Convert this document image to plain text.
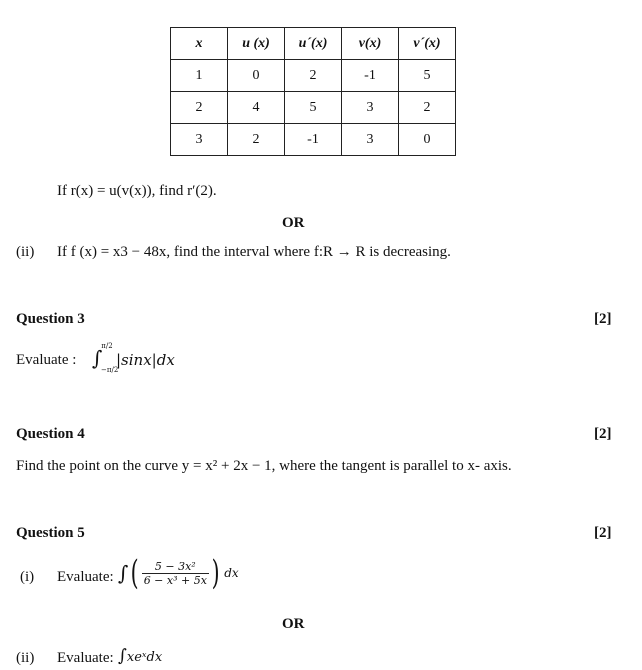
x	u (x)	u´(x)	v(x)	v´(x)
1	0	2	-1	5
2	4	5	3	2
3	2	-1	3	0
If r(x) = u(v(x)), find r′(2).
OR
(ii) If f (x) = x3 − 48x, find the interval where f:R → R is decreasing.
Question 3	[2]
Evaluate : ∫
π/2
−π/2
|sinx|dx
Question 4	[2]
Find the point on the curve y = x² + 2x − 1, where the tangent is parallel to x- axis.
Question 5	[2]
(i) Evaluate: ∫( $\frac{\text{5 − 3x²}}{\text{6 − x³ + 5x}}$ ) dx
OR
(ii) Evaluate: ∫xeˣdx
